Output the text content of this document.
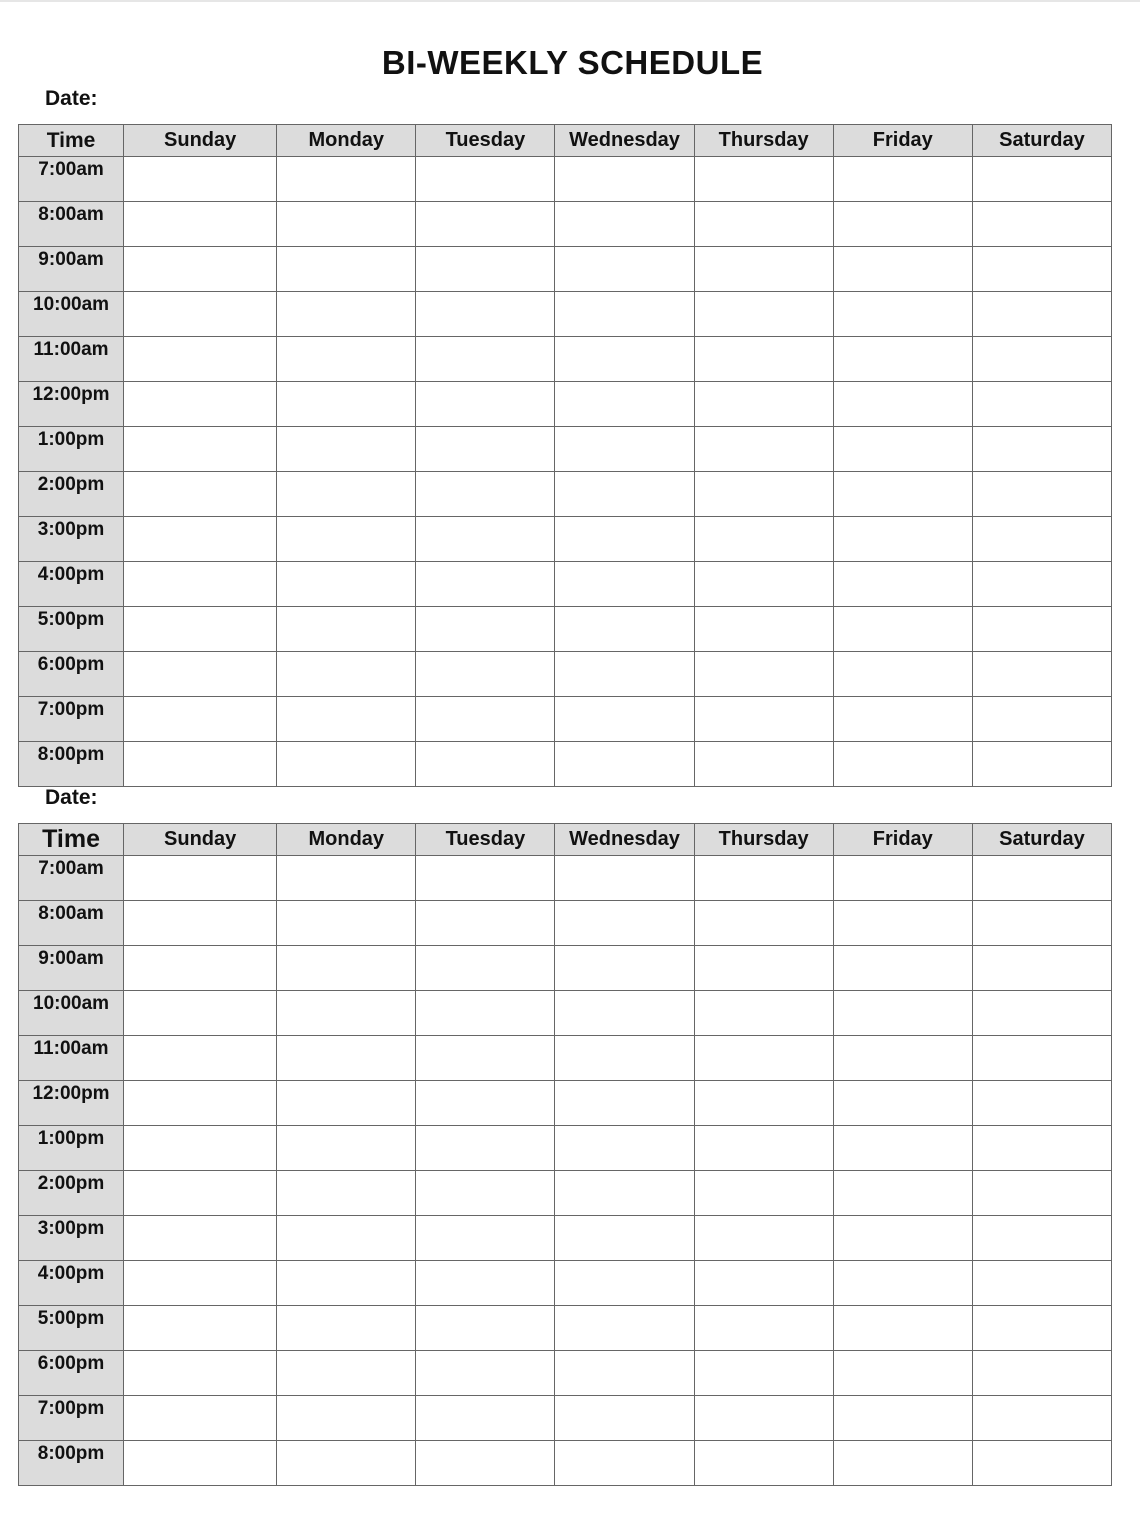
BI-WEEKLY SCHEDULE
Date:
Time	Sunday	Monday	Tuesday	Wednesday	Thursday	Friday	Saturday
7:00am							
8:00am							
9:00am							
10:00am							
11:00am							
12:00pm							
1:00pm							
2:00pm							
3:00pm							
4:00pm							
5:00pm							
6:00pm							
7:00pm							
8:00pm							
Date:
Time	Sunday	Monday	Tuesday	Wednesday	Thursday	Friday	Saturday
7:00am							
8:00am							
9:00am							
10:00am							
11:00am							
12:00pm							
1:00pm							
2:00pm							
3:00pm							
4:00pm							
5:00pm							
6:00pm							
7:00pm							
8:00pm							
